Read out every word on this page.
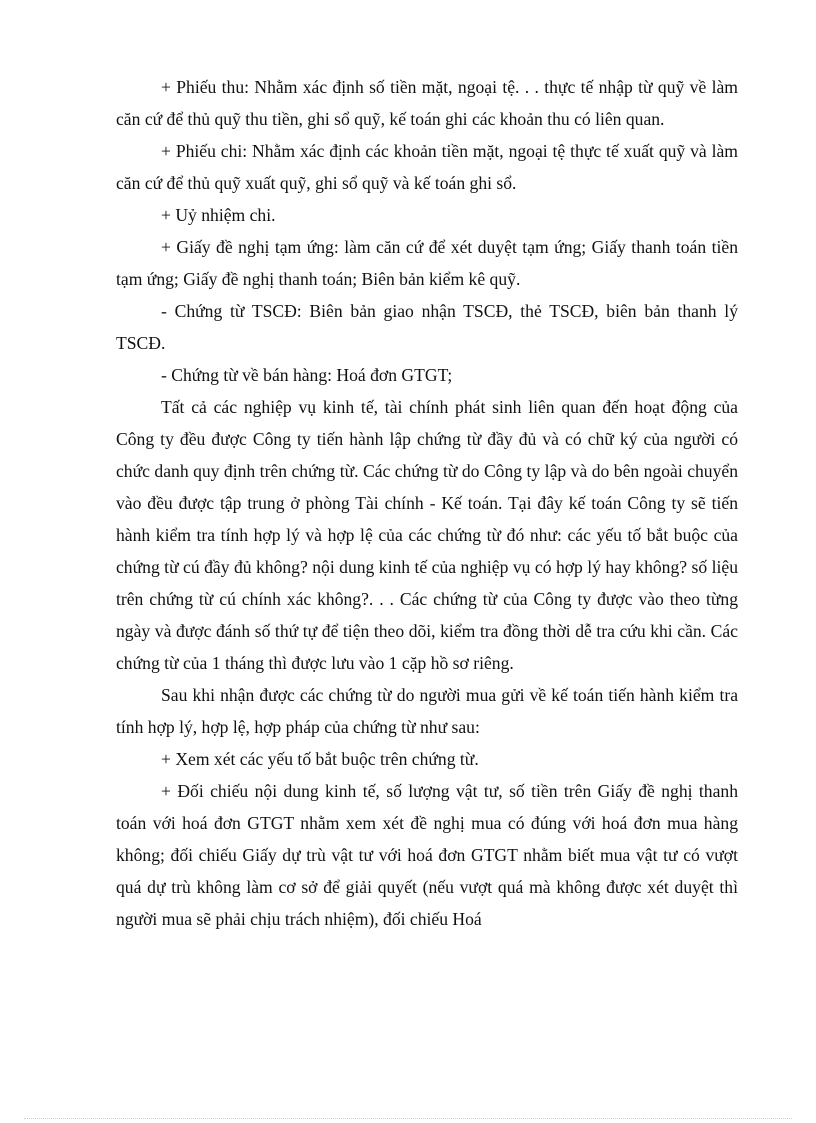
+ Phiếu thu: Nhằm xác định số tiền mặt, ngoại tệ. . . thực tế nhập từ quỹ về làm căn cứ để thủ quỹ thu tiền, ghi sổ quỹ, kế toán ghi các khoản thu có liên quan.

+ Phiếu chi: Nhằm xác định các khoản tiền mặt, ngoại tệ thực tế xuất quỹ và làm căn cứ để thủ quỹ xuất quỹ, ghi sổ quỹ và kế toán ghi sổ.

+ Uỷ nhiệm chi.

+ Giấy đề nghị tạm ứng: làm căn cứ để xét duyệt tạm ứng; Giấy thanh toán tiền tạm ứng; Giấy đề nghị thanh toán; Biên bản kiểm kê quỹ.

- Chứng từ TSCĐ: Biên bản giao nhận TSCĐ, thẻ TSCĐ, biên bản thanh lý TSCĐ.

- Chứng từ về bán hàng: Hoá đơn GTGT;

Tất cả các nghiệp vụ kinh tế, tài chính phát sinh liên quan đến hoạt động của Công ty đều được Công ty tiến hành lập chứng từ đầy đủ và có chữ ký của người có chức danh quy định trên chứng từ. Các chứng từ do Công ty lập và do bên ngoài chuyển vào đều được tập trung ở phòng Tài chính - Kế toán. Tại đây kế toán Công ty sẽ tiến hành kiểm tra tính hợp lý và hợp lệ của các chứng từ đó như: các yếu tố bắt buộc của chứng từ cú đầy đủ không? nội dung kinh tế của nghiệp vụ có hợp lý hay không? số liệu trên chứng từ cú chính xác không?. . . Các chứng từ của Công ty được vào theo từng ngày và được đánh số thứ tự để tiện theo dõi, kiểm tra đồng thời dễ tra cứu khi cần. Các chứng từ của 1 tháng thì được lưu vào 1 cặp hồ sơ riêng.

Sau khi nhận được các chứng từ do người mua gửi về kế toán tiến hành kiểm tra tính hợp lý, hợp lệ, hợp pháp của chứng từ như sau:

+ Xem xét các yếu tố bắt buộc trên chứng từ.

+ Đối chiếu nội dung kinh tế, số lượng vật tư, số tiền trên Giấy đề nghị thanh toán với hoá đơn GTGT nhằm xem xét đề nghị mua có đúng với hoá đơn mua hàng không; đối chiếu Giấy dự trù vật tư với hoá đơn GTGT nhằm biết mua vật tư có vượt quá dự trù không làm cơ sở để giải quyết (nếu vượt quá mà không được xét duyệt thì người mua sẽ phải chịu trách nhiệm), đối chiếu Hoá
